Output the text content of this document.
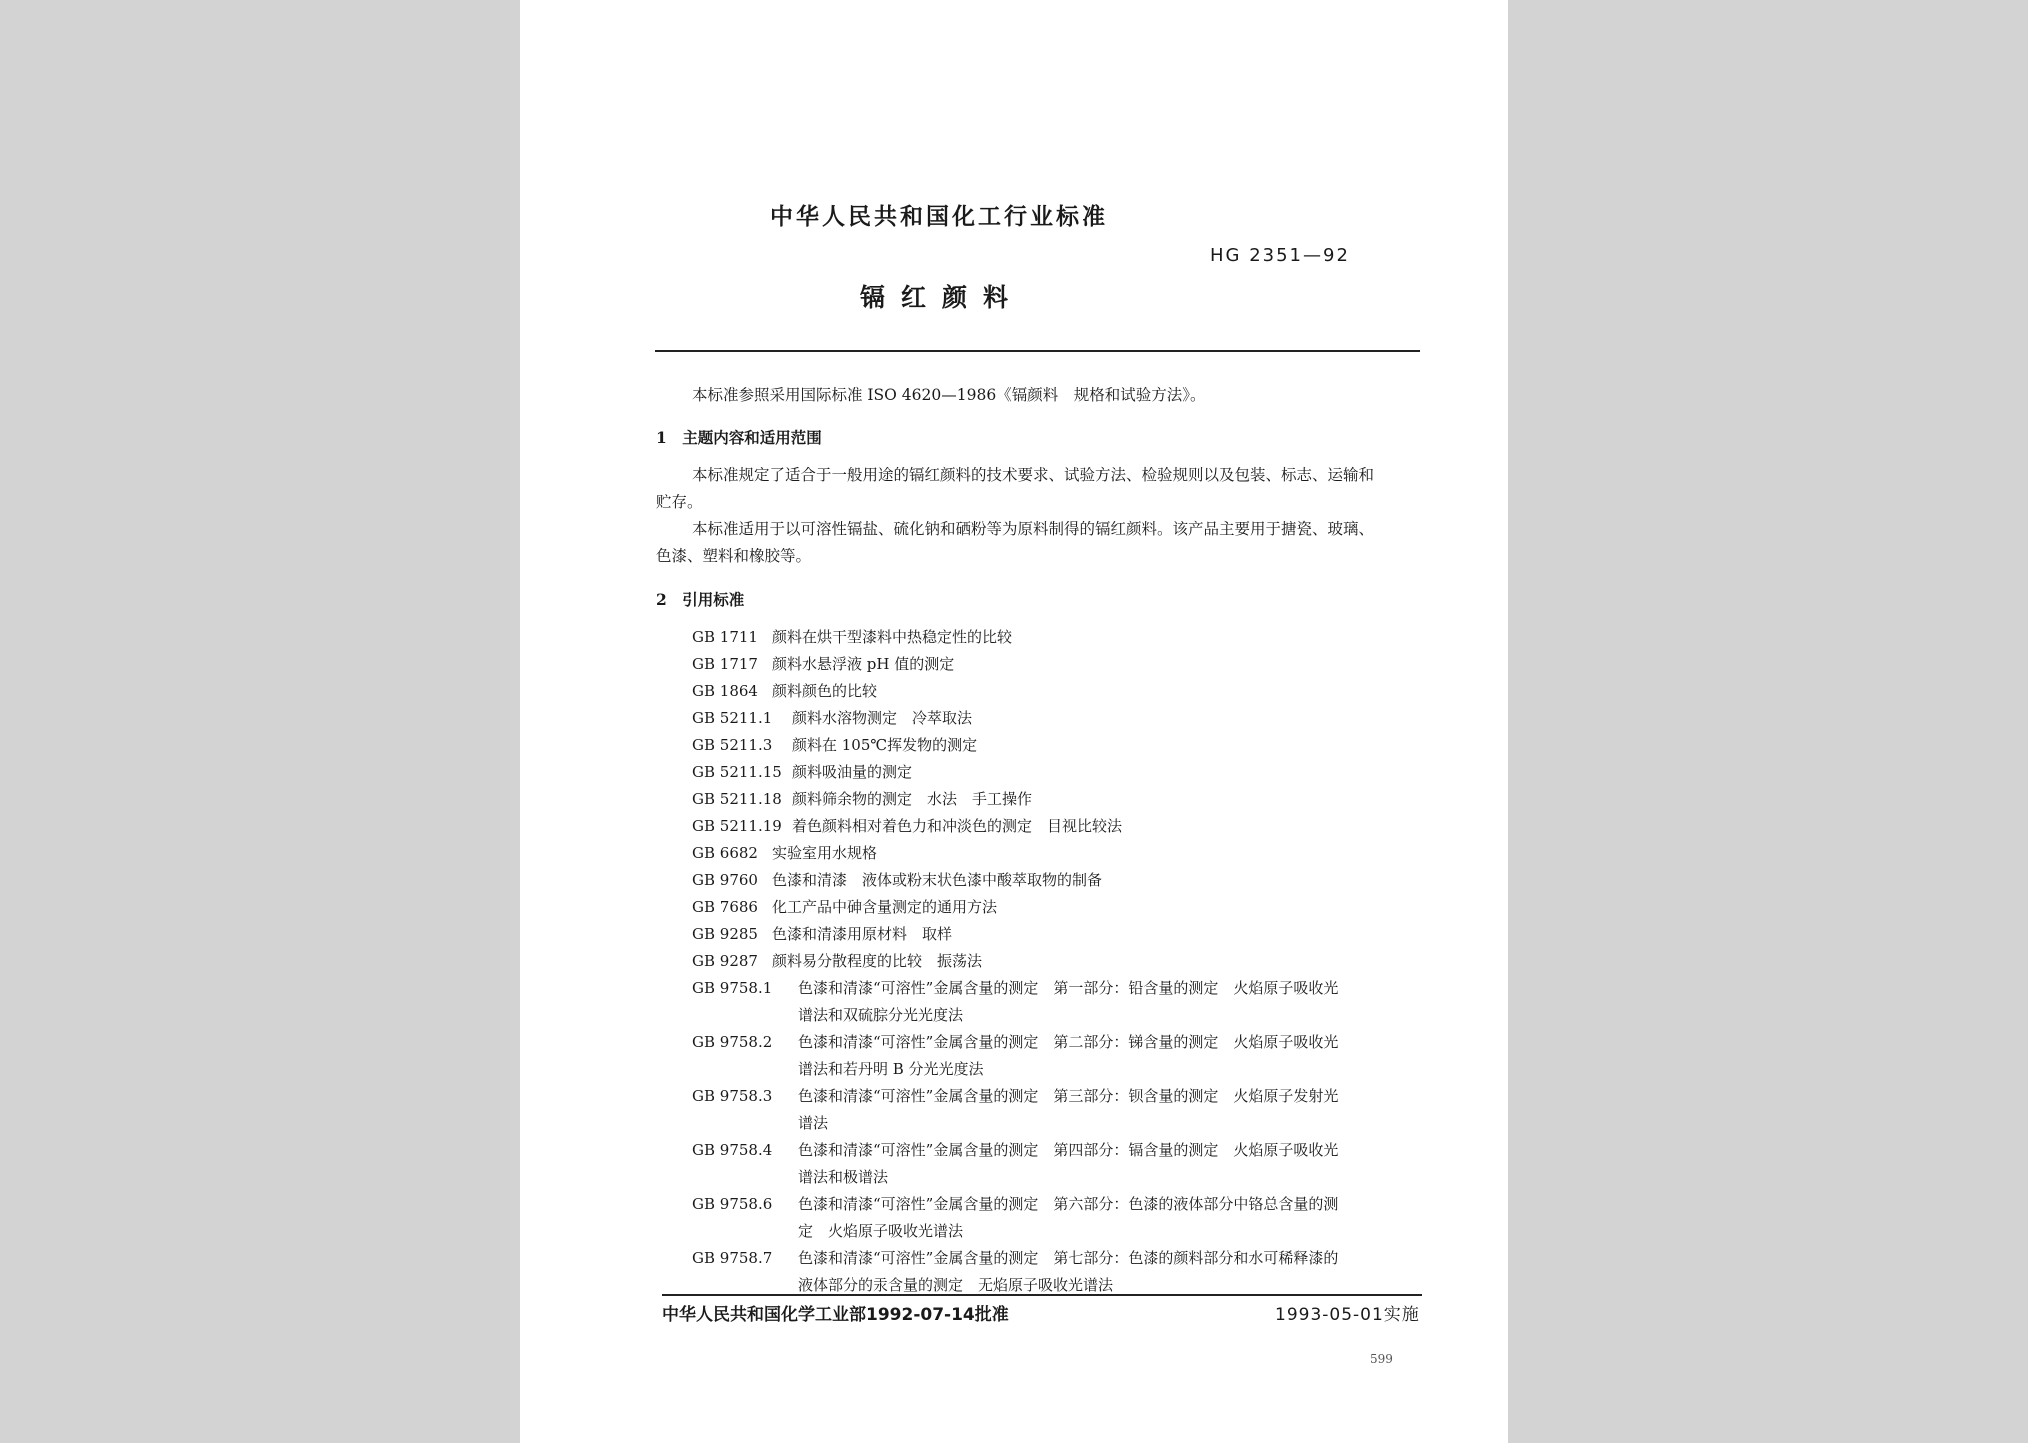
中华人民共和国化工行业标准
HG 2351—92
镉红颜料
本标准参照采用国际标准 ISO 4620—1986《镉颜料　规格和试验方法》。
1　主题内容和适用范围
本标准规定了适合于一般用途的镉红颜料的技术要求、试验方法、检验规则以及包装、标志、运输和
贮存。
本标准适用于以可溶性镉盐、硫化钠和硒粉等为原料制得的镉红颜料。该产品主要用于搪瓷、玻璃、
色漆、塑料和橡胶等。
2　引用标准
GB 1711 颜料在烘干型漆料中热稳定性的比较
GB 1717 颜料水悬浮液 pH 值的测定
GB 1864 颜料颜色的比较
GB 5211.1 颜料水溶物测定　冷萃取法
GB 5211.3 颜料在 105℃挥发物的测定
GB 5211.15 颜料吸油量的测定
GB 5211.18 颜料筛余物的测定　水法　手工操作
GB 5211.19 着色颜料相对着色力和冲淡色的测定　目视比较法
GB 6682 实验室用水规格
GB 9760 色漆和清漆　液体或粉末状色漆中酸萃取物的制备
GB 7686 化工产品中砷含量测定的通用方法
GB 9285 色漆和清漆用原材料　取样
GB 9287 颜料易分散程度的比较　振荡法
GB 9758.1 色漆和清漆“可溶性”金属含量的测定　第一部分：铅含量的测定　火焰原子吸收光
谱法和双硫腙分光光度法
GB 9758.2 色漆和清漆“可溶性”金属含量的测定　第二部分：锑含量的测定　火焰原子吸收光
谱法和若丹明 B 分光光度法
GB 9758.3 色漆和清漆“可溶性”金属含量的测定　第三部分：钡含量的测定　火焰原子发射光
谱法
GB 9758.4 色漆和清漆“可溶性”金属含量的测定　第四部分：镉含量的测定　火焰原子吸收光
谱法和极谱法
GB 9758.6 色漆和清漆“可溶性”金属含量的测定　第六部分：色漆的液体部分中铬总含量的测
定　火焰原子吸收光谱法
GB 9758.7 色漆和清漆“可溶性”金属含量的测定　第七部分：色漆的颜料部分和水可稀释漆的
液体部分的汞含量的测定　无焰原子吸收光谱法
中华人民共和国化学工业部1992-07-14批准	1993-05-01实施
599
